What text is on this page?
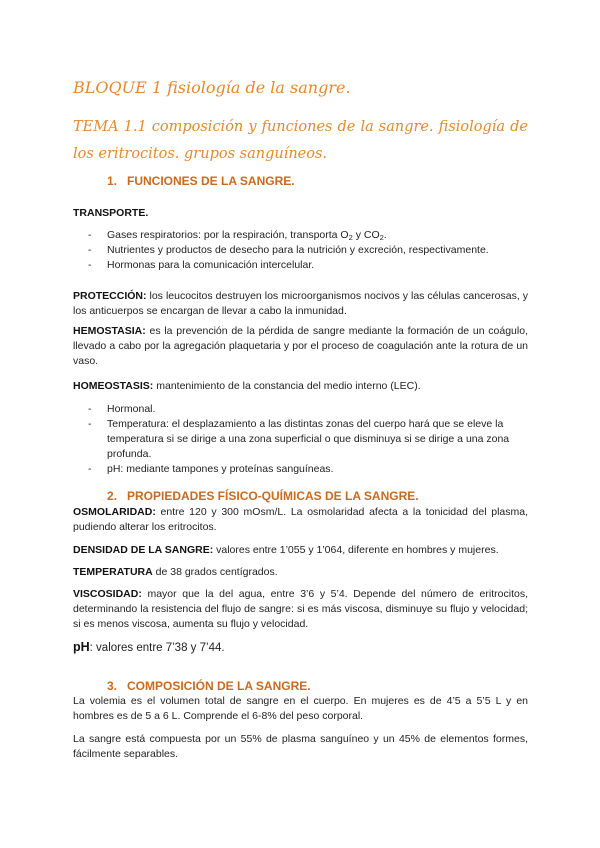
BLOQUE 1 fisiología de la sangre.
TEMA 1.1 composición y funciones de la sangre. fisiología de los eritrocitos. grupos sanguíneos.
1. FUNCIONES DE LA SANGRE.

TRANSPORTE.

- Gases respiratorios: por la respiración, transporta $O_2$ y $CO_2$.
- Nutrientes y productos de desecho para la nutrición y excreción, respectivamente.
- Hormonas para la comunicación intercelular.

PROTECCIÓN: los leucocitos destruyen los microorganismos nocivos y las células cancerosas, y los anticuerpos se encargan de llevar a cabo la inmunidad.

HEMOSTASIA: es la prevención de la pérdida de sangre mediante la formación de un coágulo, llevado a cabo por la agregación plaquetaria y por el proceso de coagulación ante la rotura de un vaso.

HOMEOSTASIS: mantenimiento de la constancia del medio interno (LEC).

- Hormonal.
- Temperatura: el desplazamiento a las distintas zonas del cuerpo hará que se eleve la temperatura si se dirige a una zona superficial o que disminuya si se dirige a una zona profunda.
- pH: mediante tampones y proteínas sanguíneas.
2. PROPIEDADES FÍSICO-QUÍMICAS DE LA SANGRE.

OSMOLARIDAD: entre 120 y 300 mOsm/L. La osmolaridad afecta a la tonicidad del plasma, pudiendo alterar los eritrocitos.

DENSIDAD DE LA SANGRE: valores entre 1’055 y 1’064, diferente en hombres y mujeres.

TEMPERATURA de 38 grados centígrados.

VISCOSIDAD: mayor que la del agua, entre 3’6 y 5’4. Depende del número de eritrocitos, determinando la resistencia del flujo de sangre: si es más viscosa, disminuye su flujo y velocidad; si es menos viscosa, aumenta su flujo y velocidad.

pH: valores entre 7’38 y 7’44.

3. COMPOSICIÓN DE LA SANGRE.

La volemia es el volumen total de sangre en el cuerpo. En mujeres es de 4’5 a 5’5 L y en hombres es de 5 a 6 L. Comprende el 6-8% del peso corporal.

La sangre está compuesta por un 55% de plasma sanguíneo y un 45% de elementos formes, fácilmente separables.
